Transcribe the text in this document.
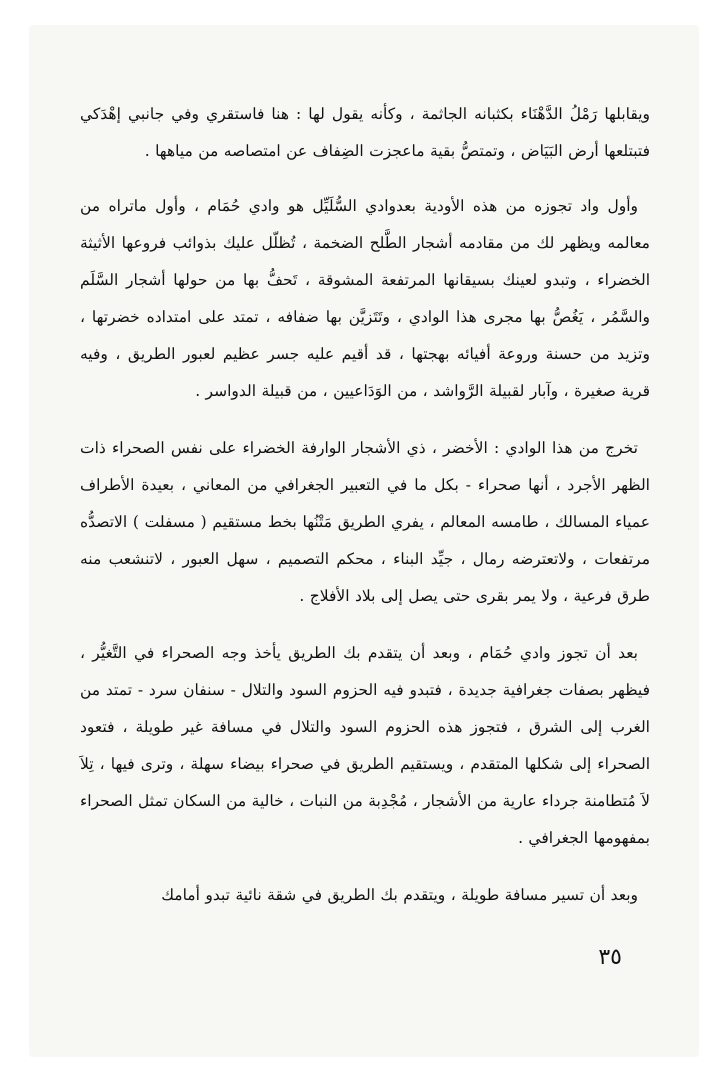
ويقابلها رَمْلُ الدَّهْنَاء بكثبانه الجاثمة ، وكأنه يقول لها : هنا فاستقري وفي جانبي إهْدَكي فتبتلعها أرض البَيَاض ، وتمتصُّ بقية ماعجزت الضِفاف عن امتصاصه من مياهها .

وأول واد تجوزه من هذه الأودية بعدوادي السُّلَيِّل هو وادي حُمَام ، وأول ماتراه من معالمه ويظهر لك من مقادمه أشجار الطَّلح الضخمة ، تُظلّل عليك بذوائب فروعها الأثيثة الخضراء ، وتبدو لعينك بسيقانها المرتفعة المشوقة ، تَحفُّ بها من حولها أشجار السَّلَم والسَّمُر ، يَغُصُّ بها مجرى هذا الوادي ، وتَتَزيَّن بها ضفافه ، تمتد على امتداده خضرتها ، وتزيد من حسنة وروعة أفيائه بهجتها ، قد أقيم عليه جسر عظيم لعبور الطريق ، وفيه قرية صغيرة ، وآبار لقبيلة الرَّواشد ، من الوَدَاعيين ، من قبيلة الدواسر .

تخرج من هذا الوادي : الأخضر ، ذي الأشجار الوارفة الخضراء على نفس الصحراء ذات الظهر الأجرد ، أنها صحراء - بكل ما في التعبير الجغرافي من المعاني ، بعيدة الأطراف عمياء المسالك ، طامسه المعالم ، يفري الطريق مَتْنُها بخط مستقيم ( مسفلت ) الاتصدُّه مرتفعات ، ولاتعترضه رمال ، جيِّد البناء ، محكم التصميم ، سهل العبور ، لاتنشعب منه طرق فرعية ، ولا يمر بقرى حتى يصل إلى بلاد الأفلاج .

بعد أن تجوز وادي حُمَام ، وبعد أن يتقدم بك الطريق يأخذ وجه الصحراء في التَّغيُّر ، فيظهر بصفات جغرافية جديدة ، فتبدو فيه الحزوم السود والتلال - سنفان سرد - تمتد من الغرب إلى الشرق ، فتجوز هذه الحزوم السود والتلال في مسافة غير طويلة ، فتعود الصحراء إلى شكلها المتقدم ، ويستقيم الطريق في صحراء بيضاء سهلة ، وترى فيها ، تِلاَ لاَ مُتطامنة جرداء عارية من الأشجار ، مُجْدِبة من النبات ، خالية من السكان تمثل الصحراء بمفهومها الجغرافي .

وبعد أن تسير مسافة طويلة ، ويتقدم بك الطريق في شقة نائية تبدو أمامك

٣٥
